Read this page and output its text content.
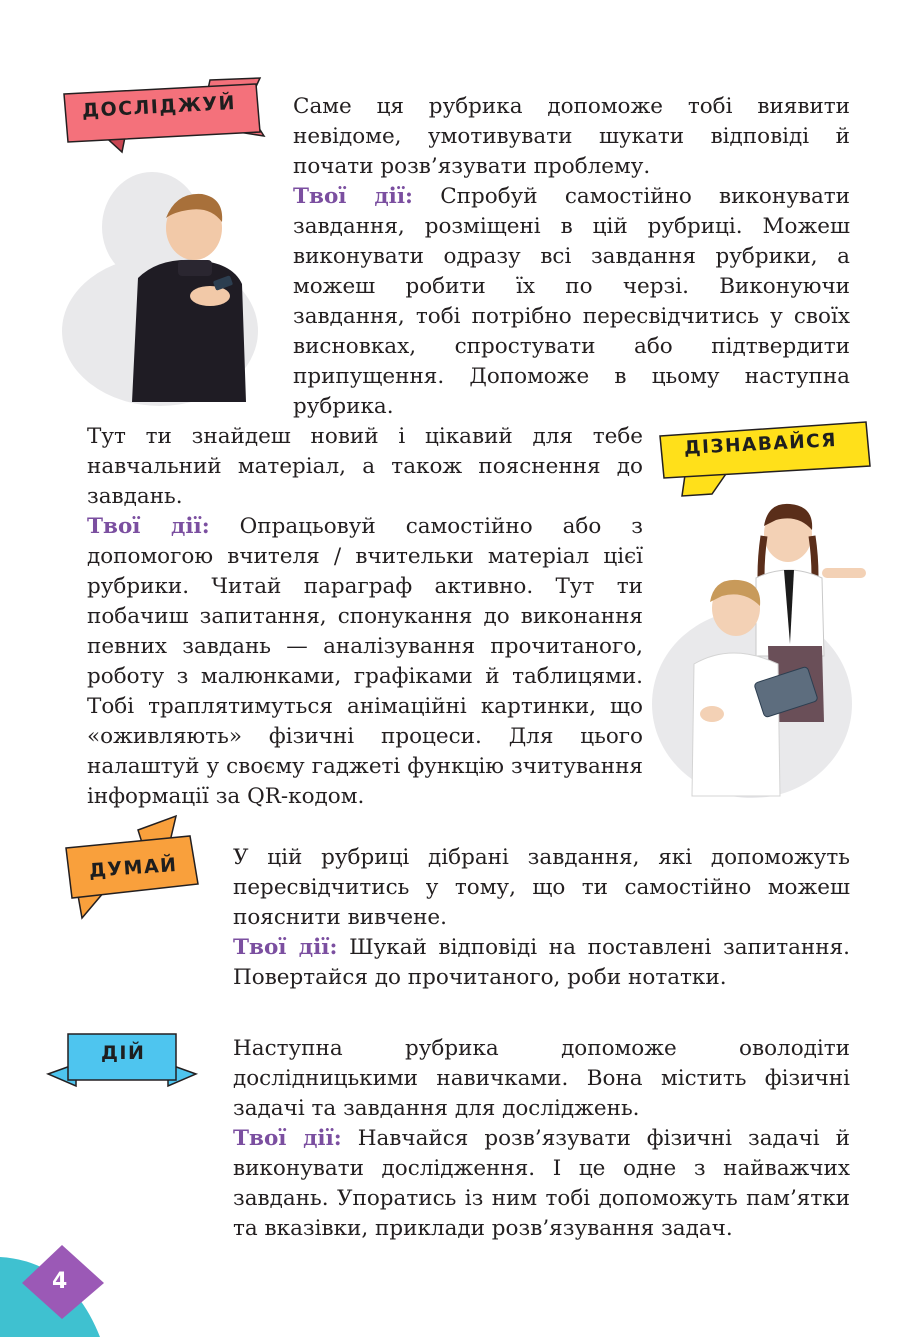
ДОСЛІДЖУЙ	Саме ця рубрика допоможе тобі виявити невідоме, умотивувати шукати відповіді й почати розв’язувати проблему.
Твої дії: Спробуй самостійно виконувати завдання, розміщені в цій рубриці. Можеш виконувати одразу всі завдання рубрики, а можеш робити їх по черзі. Виконуючи завдання, тобі потрібно пересвідчитись у своїх висновках, спростувати або підтвердити припущення. Допоможе в цьому наступна рубрика.

ДІЗНАВАЙСЯ

Тут ти знайдеш новий і цікавий для тебе навчальний матеріал, а також пояснення до завдань.
Твої дії: Опрацьовуй самостійно або з допомогою вчителя / вчительки матеріал цієї рубрики. Читай параграф активно. Тут ти побачиш запитання, спонукання до виконання певних завдань — аналізування прочитаного, роботу з малюнками, графіками й таблицями. Тобі траплятимуться анімаційні картинки, що «оживляють» фізичні процеси. Для цього налаштуй у своєму гаджеті функцію зчитування інформації за QR-кодом.

ДУМАЙ	У цій рубриці дібрані завдання, які допоможуть пересвідчитись у тому, що ти самостійно можеш пояснити вивчене.
Твої дії: Шукай відповіді на поставлені запитання. Повертайся до прочитаного, роби нотатки.

ДІЙ	Наступна рубрика допоможе оволодіти дослідницькими навичками. Вона містить фізичні задачі та завдання для досліджень.
Твої дії: Навчайся розв’язувати фізичні задачі й виконувати дослідження. І це одне з найважчих завдань. Упоратись із ним тобі допоможуть пам’ятки та вказівки, приклади розв’язування задач.

4
